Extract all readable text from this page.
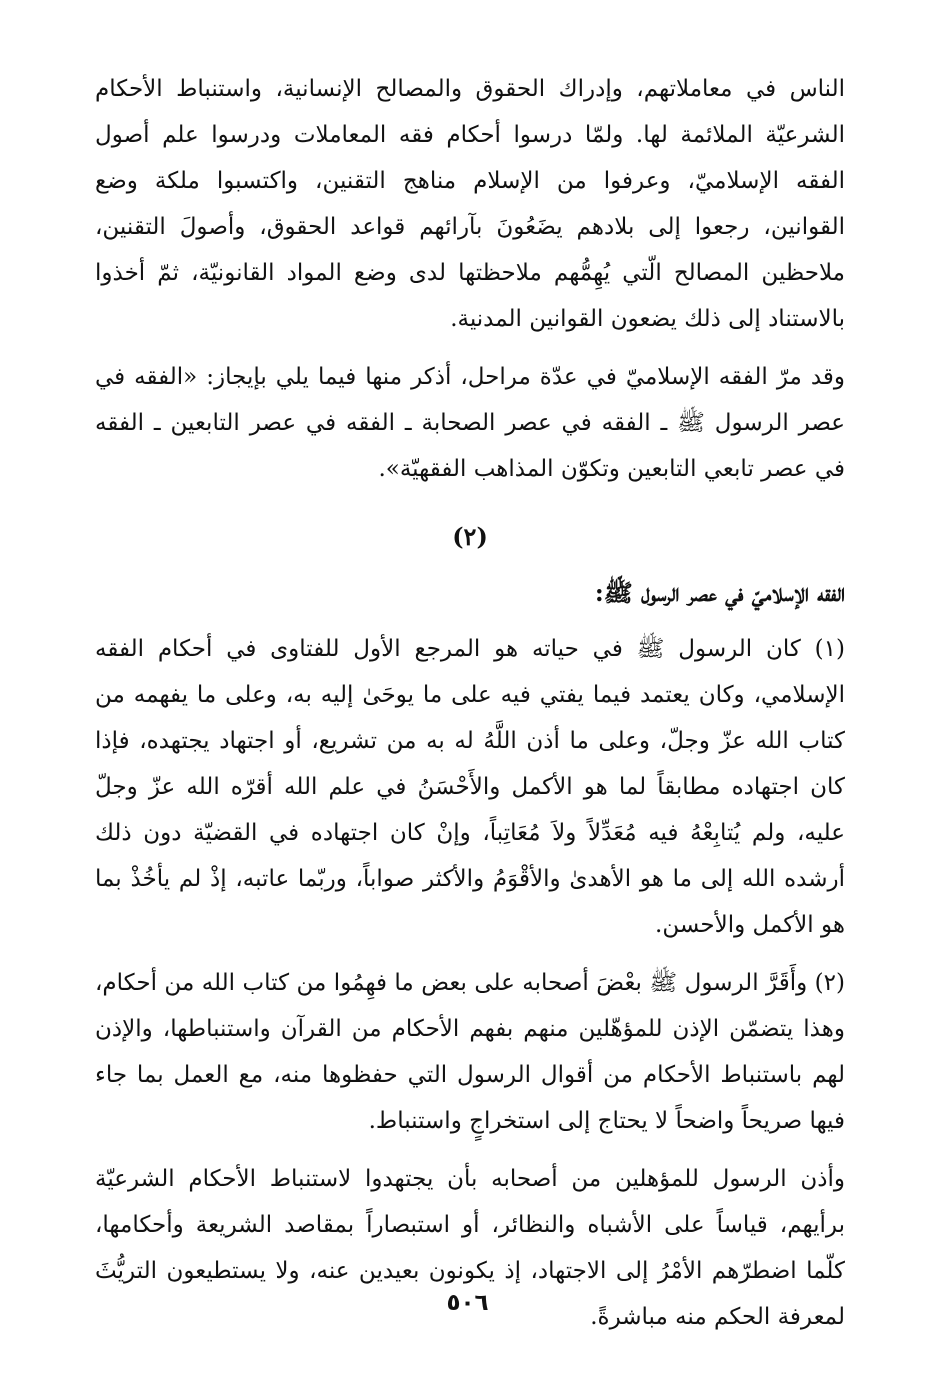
الناس في معاملاتهم، وإدراك الحقوق والمصالح الإنسانية، واستنباط الأحكام الشرعيّة الملائمة لها. ولمّا درسوا أحكام فقه المعاملات ودرسوا علم أصول الفقه الإسلاميّ، وعرفوا من الإسلام مناهج التقنين، واكتسبوا ملكة وضع القوانين، رجعوا إلى بلادهم يضَعُونَ بآرائهم قواعد الحقوق، وأصولَ التقنين، ملاحظين المصالح الّتي يُهِمُّهم ملاحظتها لدى وضع المواد القانونيّة، ثمّ أخذوا بالاستناد إلى ذلك يضعون القوانين المدنية.

وقد مرّ الفقه الإسلاميّ في عدّة مراحل، أذكر منها فيما يلي بإيجاز: «الفقه في عصر الرسول ﷺ ـ الفقه في عصر الصحابة ـ الفقه في عصر التابعين ـ الفقه في عصر تابعي التابعين وتكوّن المذاهب الفقهيّة».

(٢)
الفقه الإسلاميّ في عصر الرسول ﷺ:

(١) كان الرسول ﷺ في حياته هو المرجع الأول للفتاوى في أحكام الفقه الإسلامي، وكان يعتمد فيما يفتي فيه على ما يوحَىٰ إليه به، وعلى ما يفهمه من كتاب الله عزّ وجلّ، وعلى ما أذن اللَّهُ له به من تشريع، أو اجتهاد يجتهده، فإذا كان اجتهاده مطابقاً لما هو الأكمل والأَحْسَنُ في علم الله أقرّه الله عزّ وجلّ عليه، ولم يُتابِعْهُ فيه مُعَدِّلاً ولاَ مُعَاتِباً، وإنْ كان اجتهاده في القضيّة دون ذلك أرشده الله إلى ما هو الأهدىٰ والأقْوَمُ والأكثر صواباً، وربّما عاتبه، إذْ لم يأخُذْ بما هو الأكمل والأحسن.

(٢) وأَقَرَّ الرسول ﷺ بعْضَ أصحابه على بعض ما فهِمُوا من كتاب الله من أحكام، وهذا يتضمّن الإذن للمؤهّلين منهم بفهم الأحكام من القرآن واستنباطها، والإذن لهم باستنباط الأحكام من أقوال الرسول التي حفظوها منه، مع العمل بما جاء فيها صريحاً واضحاً لا يحتاج إلى استخراجٍ واستنباط.

وأذن الرسول للمؤهلين من أصحابه بأن يجتهدوا لاستنباط الأحكام الشرعيّة برأيهم، قياساً على الأشباه والنظائر، أو استبصاراً بمقاصد الشريعة وأحكامها، كلّما اضطرّهم الأمْرُ إلى الاجتهاد، إذ يكونون بعيدين عنه، ولا يستطيعون التريُّثَ لمعرفة الحكم منه مباشرةً.

٥٠٦
